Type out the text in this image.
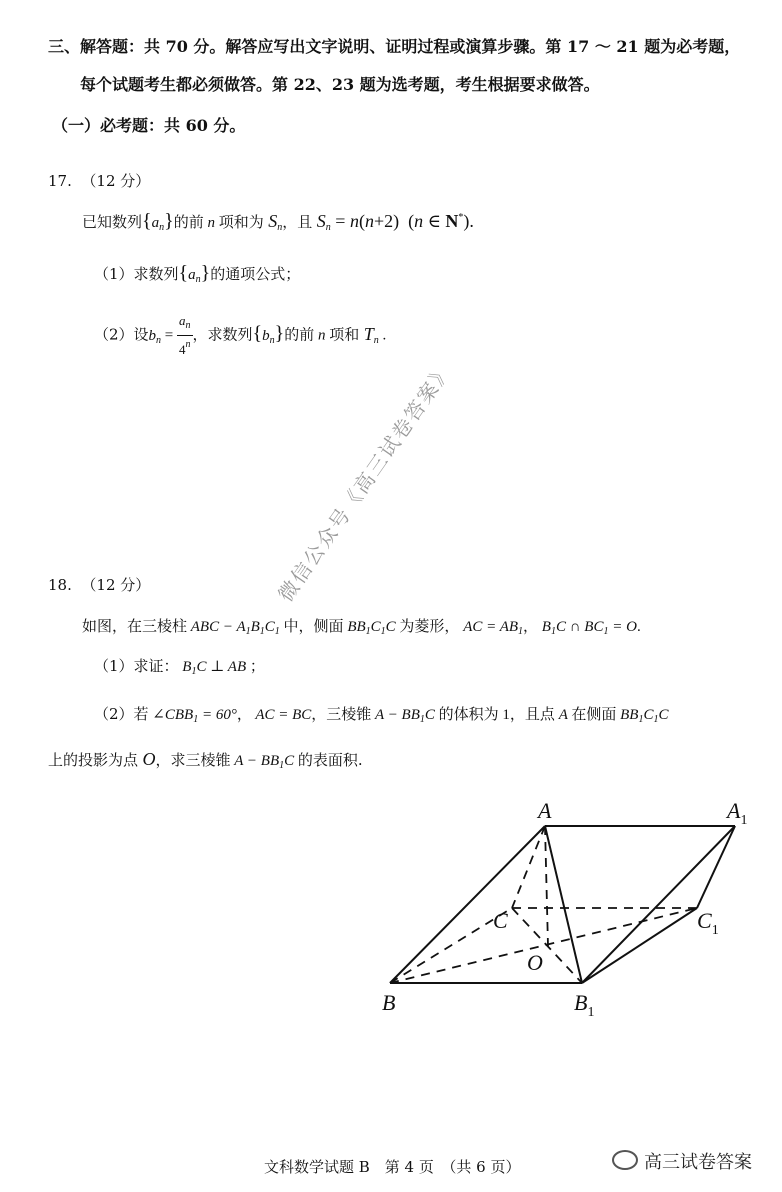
三、解答题：共 70 分。解答应写出文字说明、证明过程或演算步骤。第 17 ～ 21 题为必考题，
每个试题考生都必须做答。第 22、23 题为选考题，考生根据要求做答。
（一）必考题：共 60 分。
17. （12 分）
已知数列$\{a_n\}$的前 n 项和为 $S_n$，且 $S_n = n(n+2)$  (n ∈ N*).
（1）求数列$\{a_n\}$的通项公式；
（2）设$b_n = \frac{a_n}{4^n}$ ，求数列$\{b_n\}$的前 n 项和 $T_n$ .
微信公众号《高三试卷答案》
18. （12 分）
如图，在三棱柱 ABC − $A_1B_1C_1$ 中，侧面 $BB_1C_1C$ 为菱形， AC = $AB_1$， $B_1C$ ∩ $BC_1 = O$.
（1）求证： $B_1C$ ⊥ AB ；
（2）若 $\angle CBB_1 = 60^\circ$， AC = BC，三棱锥 $A - BB_1C$ 的体积为 1，且点 A 在侧面 $BB_1C_1C$
上的投影为点 O，求三棱锥 $A - BB_1C$ 的表面积.
A	$A_1$
C	$C_1$
O
B	$B_1$
文科数学试题 B　第 4 页　（共 6 页）	高三试卷答案
